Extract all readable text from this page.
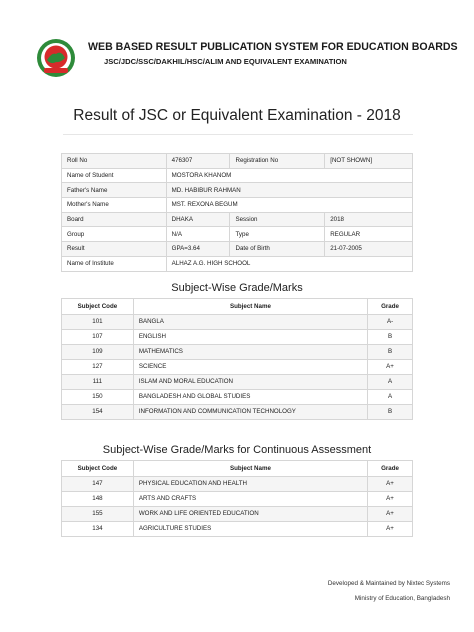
WEB BASED RESULT PUBLICATION SYSTEM FOR EDUCATION BOARDS
JSC/JDC/SSC/DAKHIL/HSC/ALIM AND EQUIVALENT EXAMINATION
Result of JSC or Equivalent Examination - 2018
Roll No	476307	Registration No	[NOT SHOWN]
Name of Student	MOSTORA KHANOM		
Father's Name	MD. HABIBUR RAHMAN		
Mother's Name	MST. REXONA BEGUM		
Board	DHAKA	Session	2018
Group	N/A	Type	REGULAR
Result	GPA=3.64	Date of Birth	21-07-2005
Name of Institute	ALHAZ A.G. HIGH SCHOOL		
Subject-Wise Grade/Marks
Subject Code	Subject Name	Grade
101	BANGLA	A-
107	ENGLISH	B
109	MATHEMATICS	B
127	SCIENCE	A+
111	ISLAM AND MORAL EDUCATION	A
150	BANGLADESH AND GLOBAL STUDIES	A
154	INFORMATION AND COMMUNICATION TECHNOLOGY	B
Subject-Wise Grade/Marks for Continuous Assessment
Subject Code	Subject Name	Grade
147	PHYSICAL EDUCATION AND HEALTH	A+
148	ARTS AND CRAFTS	A+
155	WORK AND LIFE ORIENTED EDUCATION	A+
134	AGRICULTURE STUDIES	A+
Developed & Maintained by Nixtec Systems
Ministry of Education, Bangladesh
